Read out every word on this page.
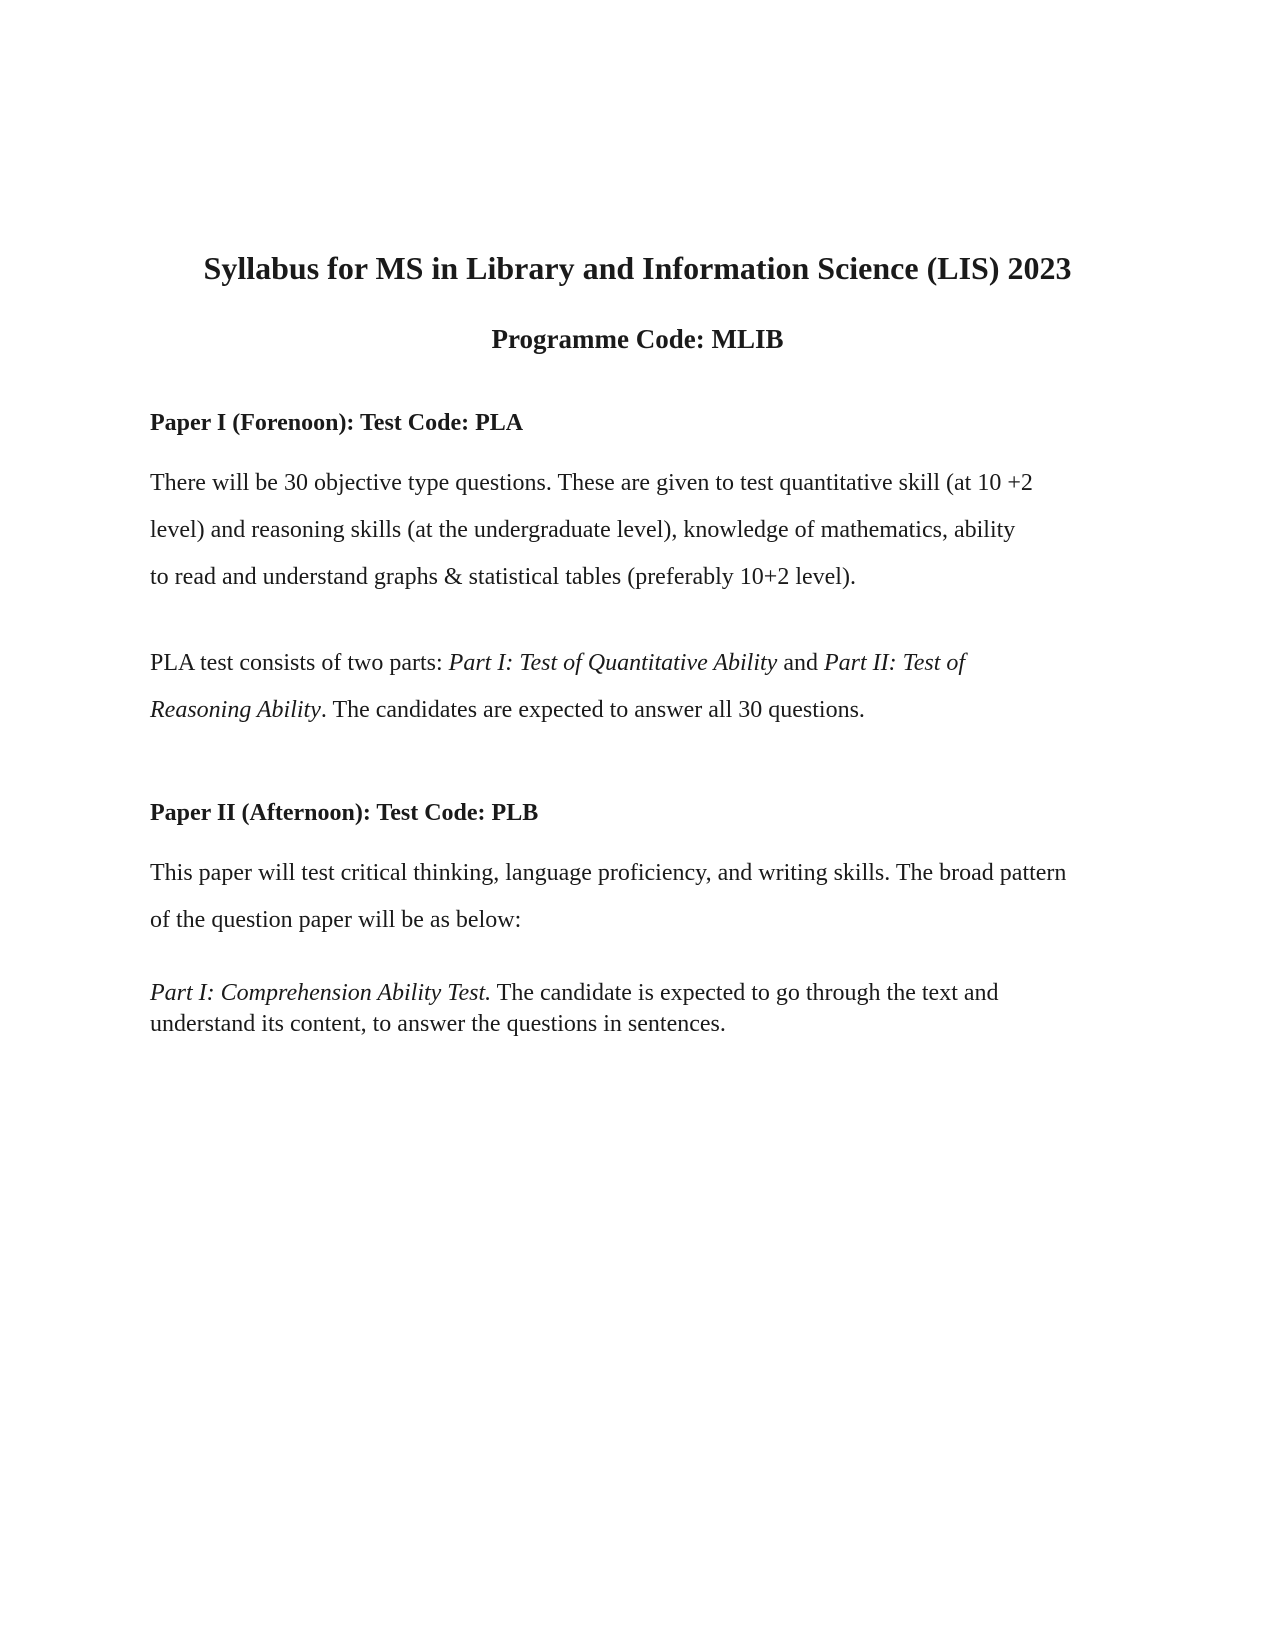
Syllabus for MS in Library and Information Science (LIS) 2023
Programme Code: MLIB
Paper I (Forenoon): Test Code: PLA

There will be 30 objective type questions. These are given to test quantitative skill (at 10 +2
level) and reasoning skills (at the undergraduate level), knowledge of mathematics, ability
to read and understand graphs & statistical tables (preferably 10+2 level).

PLA test consists of two parts: Part I: Test of Quantitative Ability and Part II: Test of
Reasoning Ability. The candidates are expected to answer all 30 questions.

Paper II (Afternoon): Test Code: PLB

This paper will test critical thinking, language proficiency, and writing skills. The broad pattern
of the question paper will be as below:

Part I: Comprehension Ability Test. The candidate is expected to go through the text and
understand its content, to answer the questions in sentences.
